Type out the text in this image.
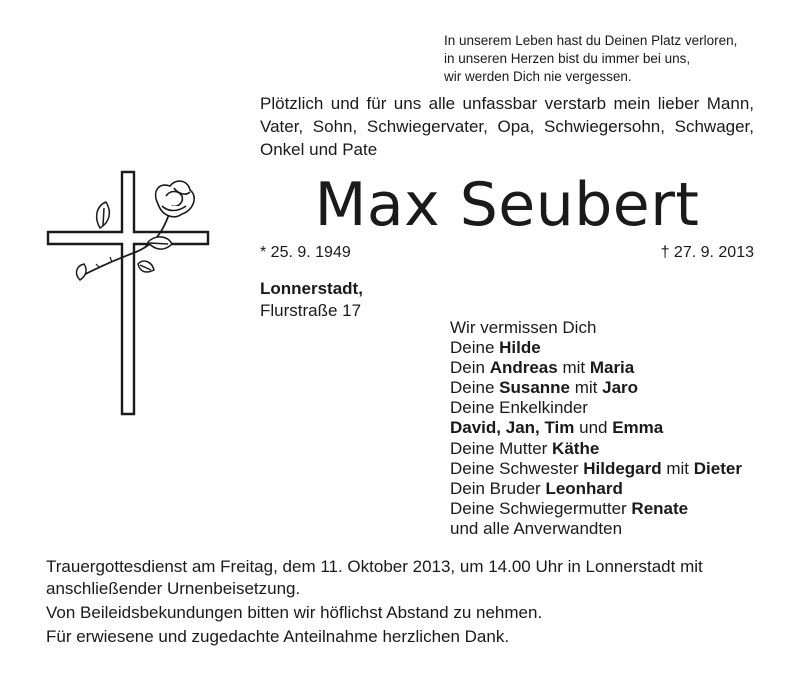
In unserem Leben hast du Deinen Platz verloren,
in unseren Herzen bist du immer bei uns,
wir werden Dich nie vergessen.
Plötzlich und für uns alle unfassbar verstarb mein lieber Mann, Vater, Sohn, Schwiegervater, Opa, Schwiegersohn, Schwager, Onkel und Pate
Max Seubert
* 25. 9. 1949	† 27. 9. 2013
Lonnerstadt,
Flurstraße 17
Wir vermissen Dich
Deine Hilde
Dein Andreas mit Maria
Deine Susanne mit Jaro
Deine Enkelkinder
David, Jan, Tim und Emma
Deine Mutter Käthe
Deine Schwester Hildegard mit Dieter
Dein Bruder Leonhard
Deine Schwiegermutter Renate
und alle Anverwandten

Trauergottesdienst am Freitag, dem 11. Oktober 2013, um 14.00 Uhr in Lonnerstadt mit anschließender Urnenbeisetzung.

Von Beileidsbekundungen bitten wir höflichst Abstand zu nehmen.

Für erwiesene und zugedachte Anteilnahme herzlichen Dank.
